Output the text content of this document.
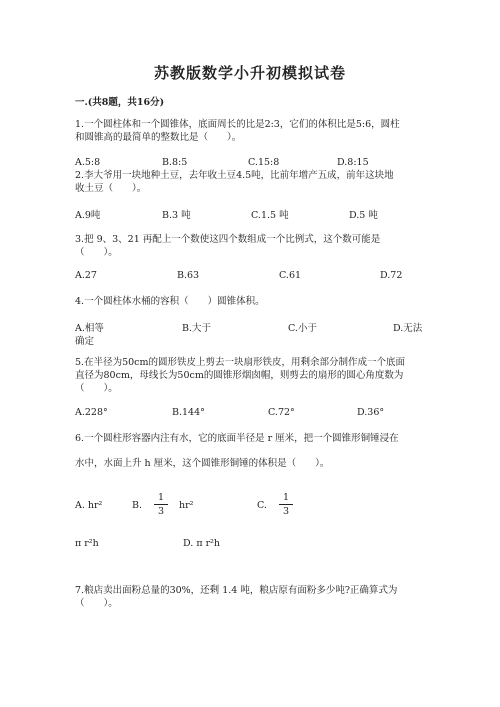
苏教版数学小升初模拟试卷
一.(共8题，共16分)
1.一个圆柱体和一个圆锥体，底面周长的比是2:3，它们的体积比是5:6，圆柱
和圆锥高的最简单的整数比是（　　）。
A.5:8	B.8:5	C.15:8	D.8:15
2.李大爷用一块地种土豆，去年收土豆4.5吨，比前年增产五成，前年这块地
收土豆（　　）。
A.9吨	B.3 吨	C.1.5 吨	D.5 吨
3.把 9、3、21 再配上一个数使这四个数组成一个比例式，这个数可能是
（　　）。
A.27	B.63	C.61	D.72
4.一个圆柱体水桶的容积（　　）圆锥体积。
A.相等	B.大于	C.小于	D.无法
确定
5.在半径为50cm的圆形铁皮上剪去一块扇形铁皮，用剩余部分制作成一个底面
直径为80cm，母线长为50cm的圆锥形烟囱帽，则剪去的扇形的圆心角度数为
（　　）。
A.228°	B.144°	C.72°	D.36°
6.一个圆柱形容器内注有水，它的底面半径是 r 厘米，把一个圆锥形铜锤浸在
水中，水面上升 h 厘米，这个圆锥形铜锤的体积是（　　）。
A. hr²	B.
1
3
hr²	C.
1
3
π r²h	D. π r²h
7.粮店卖出面粉总量的30%，还剩 1.4 吨，粮店原有面粉多少吨?正确算式为
（　　）。
